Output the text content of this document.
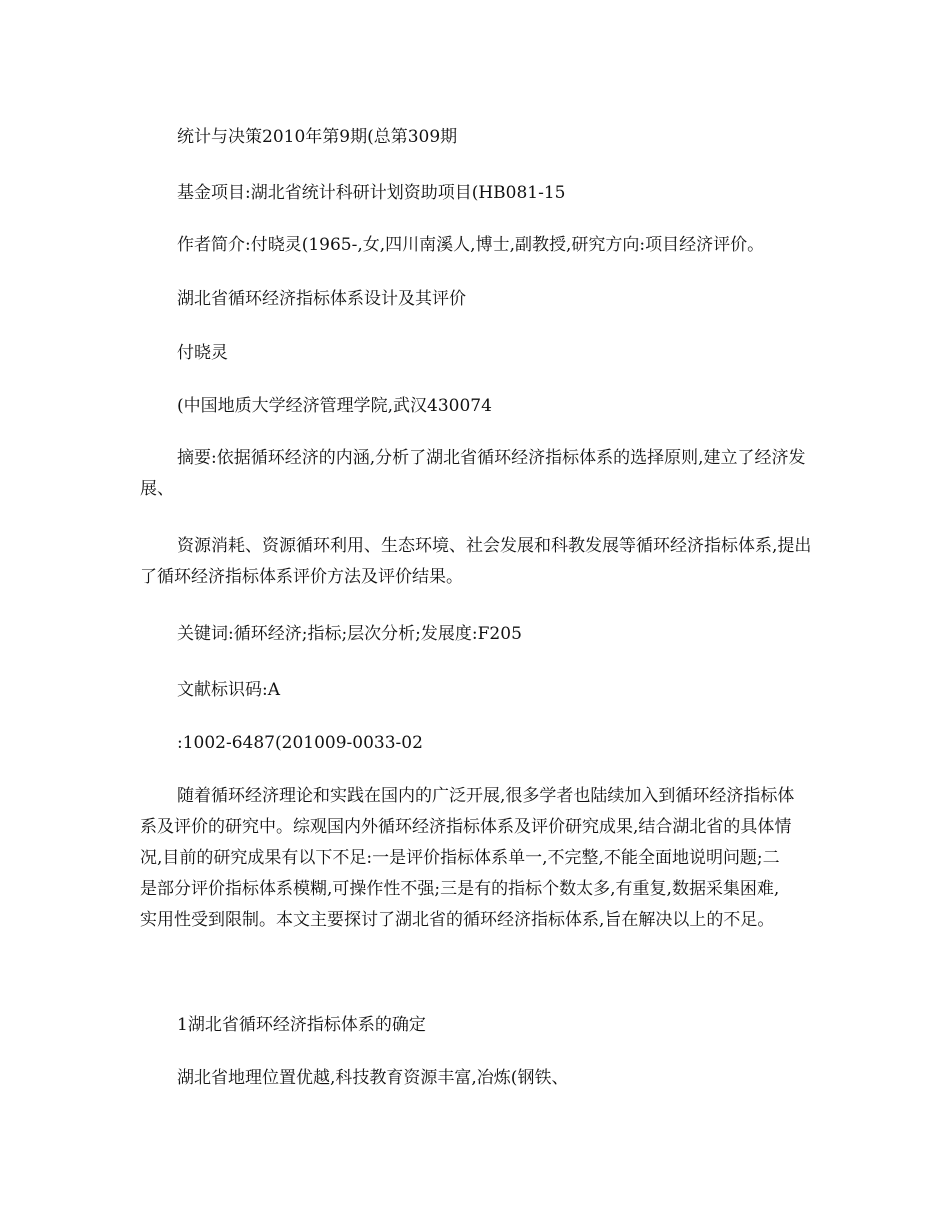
统计与决策2010年第9期(总第309期

基金项目:湖北省统计科研计划资助项目(HB081-15

作者简介:付晓灵(1965-,女,四川南溪人,博士,副教授,研究方向:项目经济评价。

湖北省循环经济指标体系设计及其评价

付晓灵

(中国地质大学经济管理学院,武汉430074

摘要:依据循环经济的内涵,分析了湖北省循环经济指标体系的选择原则,建立了经济发展、

资源消耗、资源循环利用、生态环境、社会发展和科教发展等循环经济指标体系,提出了循环经济指标体系评价方法及评价结果。

关键词:循环经济;指标;层次分析;发展度:F205

文献标识码:A

:1002-6487(201009-0033-02

随着循环经济理论和实践在国内的广泛开展,很多学者也陆续加入到循环经济指标体系及评价的研究中。综观国内外循环经济指标体系及评价研究成果,结合湖北省的具体情况,目前的研究成果有以下不足:一是评价指标体系单一,不完整,不能全面地说明问题;二是部分评价指标体系模糊,可操作性不强;三是有的指标个数太多,有重复,数据采集困难,实用性受到限制。本文主要探讨了湖北省的循环经济指标体系,旨在解决以上的不足。

1湖北省循环经济指标体系的确定

湖北省地理位置优越,科技教育资源丰富,冶炼(钢铁、
